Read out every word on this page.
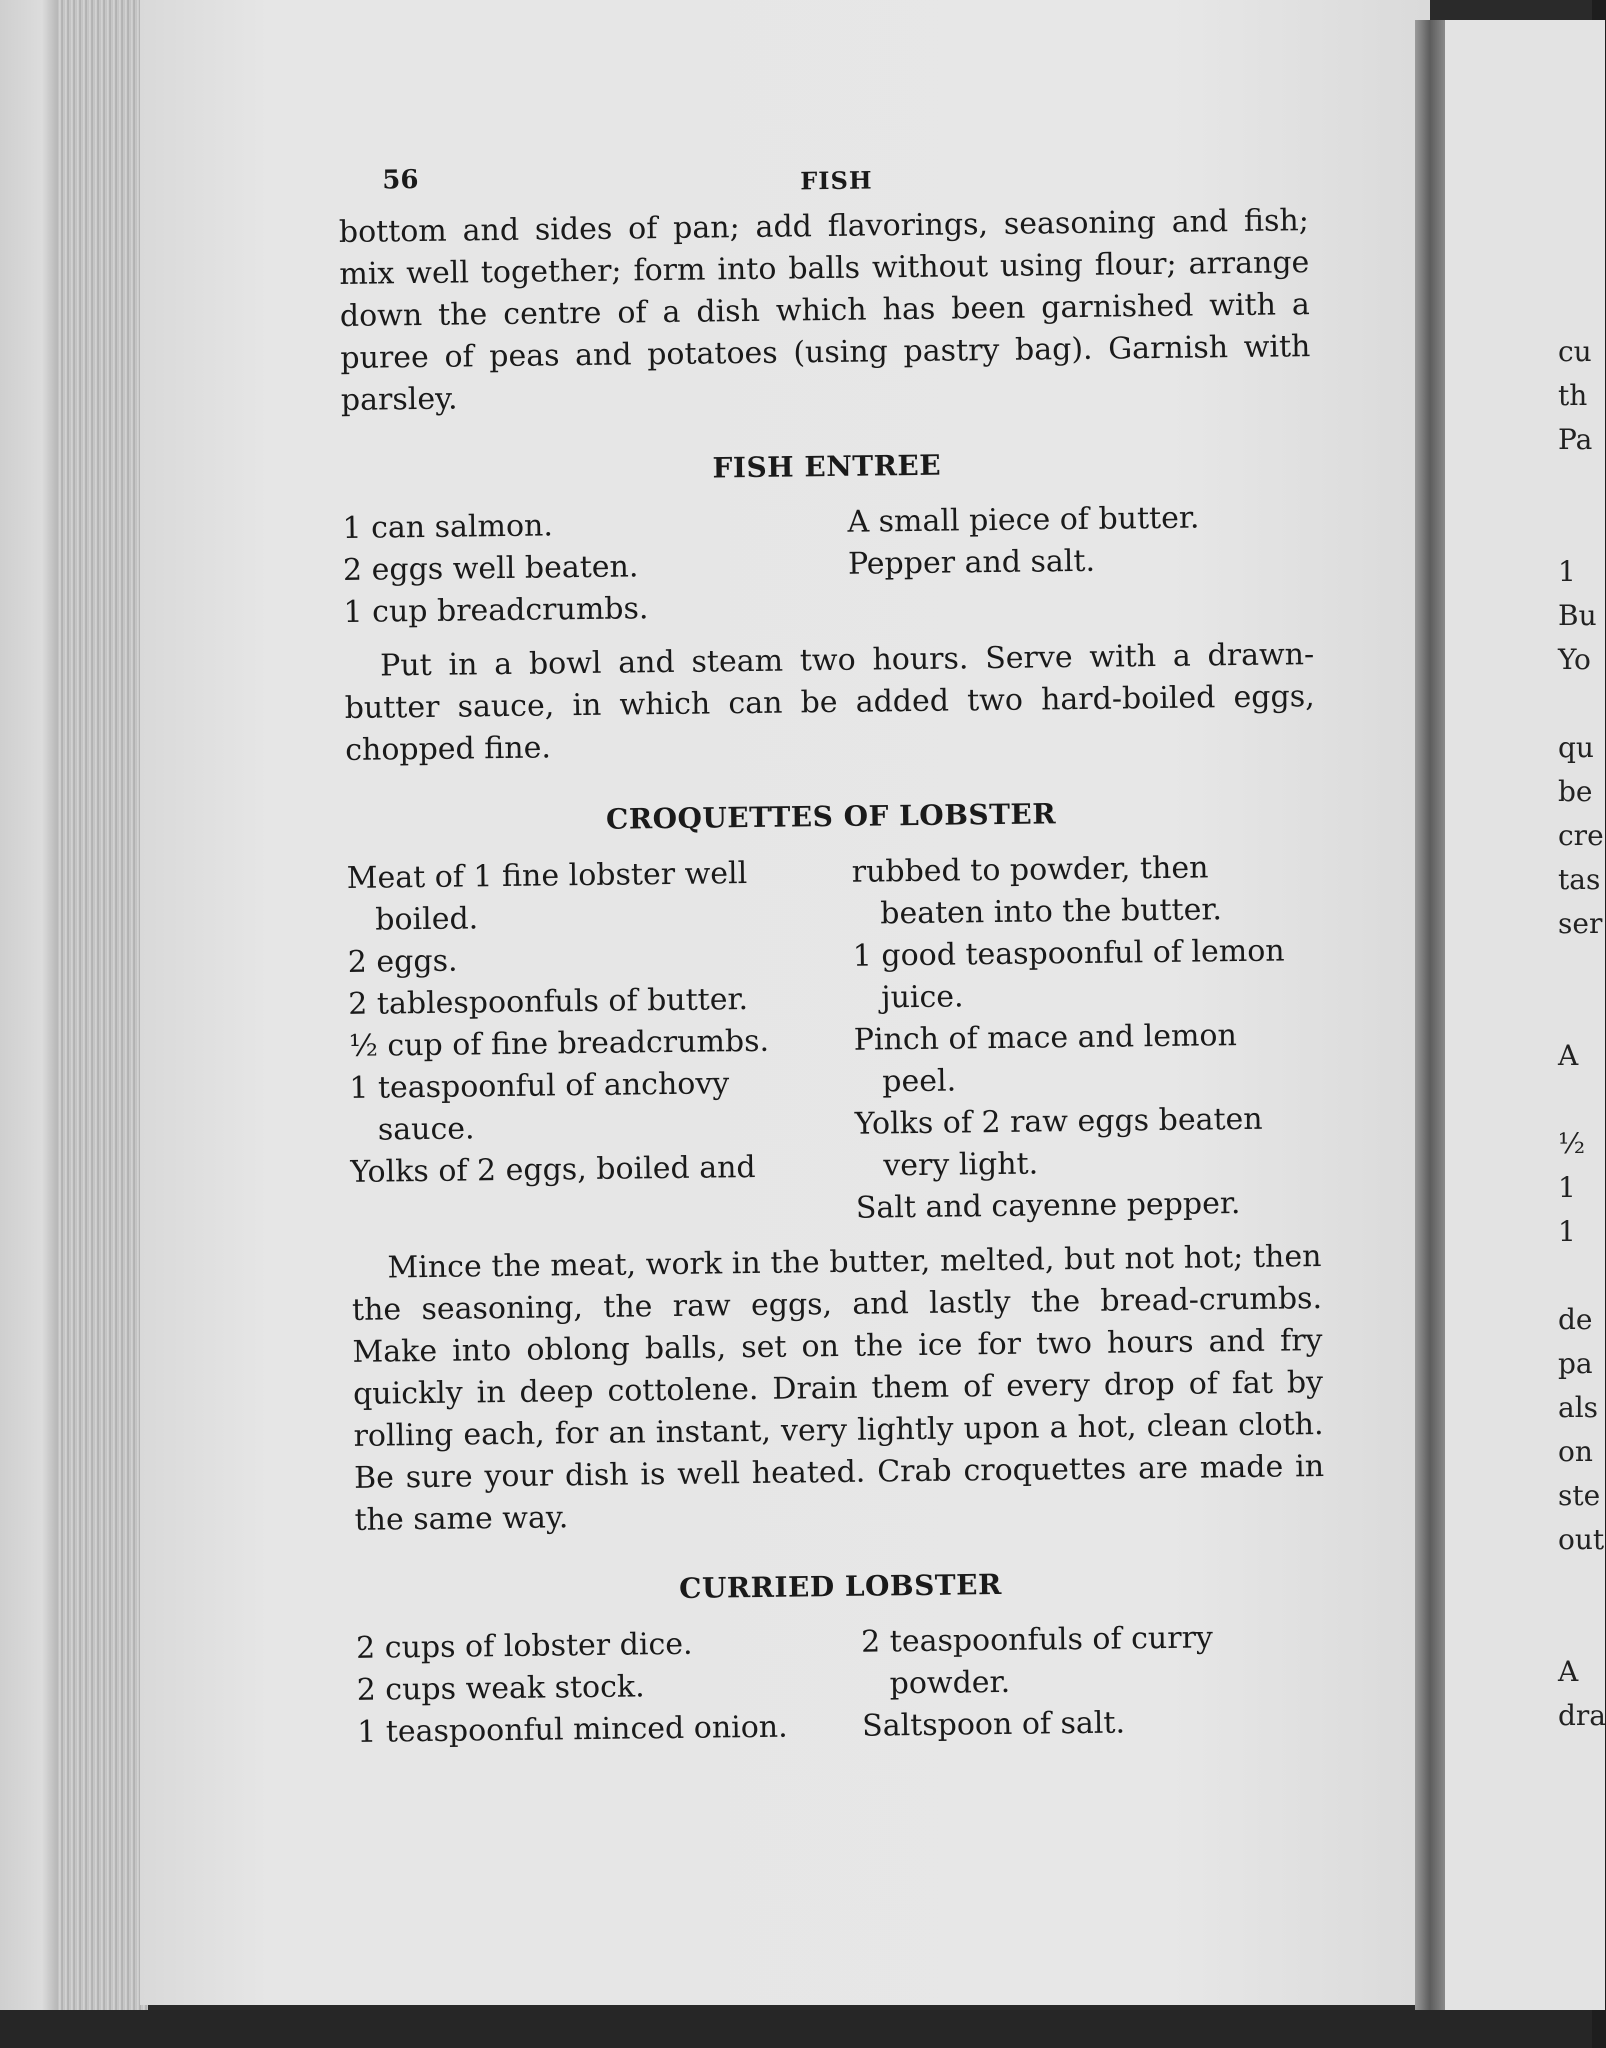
56	FISH

bottom and sides of pan; add flavorings, seasoning and fish; mix well together; form into balls without using flour; arrange down the centre of a dish which has been garnished with a puree of peas and potatoes (using pastry bag). Garnish with parsley.

FISH ENTREE
1 can salmon.
2 eggs well beaten.
1 cup breadcrumbs.
A small piece of butter.
Pepper and salt.

Put in a bowl and steam two hours. Serve with a drawn-butter sauce, in which can be added two hard-boiled eggs, chopped fine.

CROQUETTES OF LOBSTER
Meat of 1 fine lobster well boiled.
2 eggs.
2 tablespoonfuls of butter.
½ cup of fine breadcrumbs.
1 teaspoonful of anchovy sauce.
Yolks of 2 eggs, boiled and
rubbed to powder, then beaten into the butter.
1 good teaspoonful of lemon juice.
Pinch of mace and lemon peel.
Yolks of 2 raw eggs beaten very light.
Salt and cayenne pepper.

Mince the meat, work in the butter, melted, but not hot; then the seasoning, the raw eggs, and lastly the bread-crumbs. Make into oblong balls, set on the ice for two hours and fry quickly in deep cottolene. Drain them of every drop of fat by rolling each, for an instant, very lightly upon a hot, clean cloth. Be sure your dish is well heated. Crab croquettes are made in the same way.

CURRIED LOBSTER
2 cups of lobster dice.
2 cups weak stock.
1 teaspoonful minced onion.
2 teaspoonfuls of curry powder.
Saltspoon of salt.
cu
th
Pa
1
Bu
Yo
qu
be
cre
tas
ser
A
½
1
1
de
pa
als
on
ste
out
A
dra
